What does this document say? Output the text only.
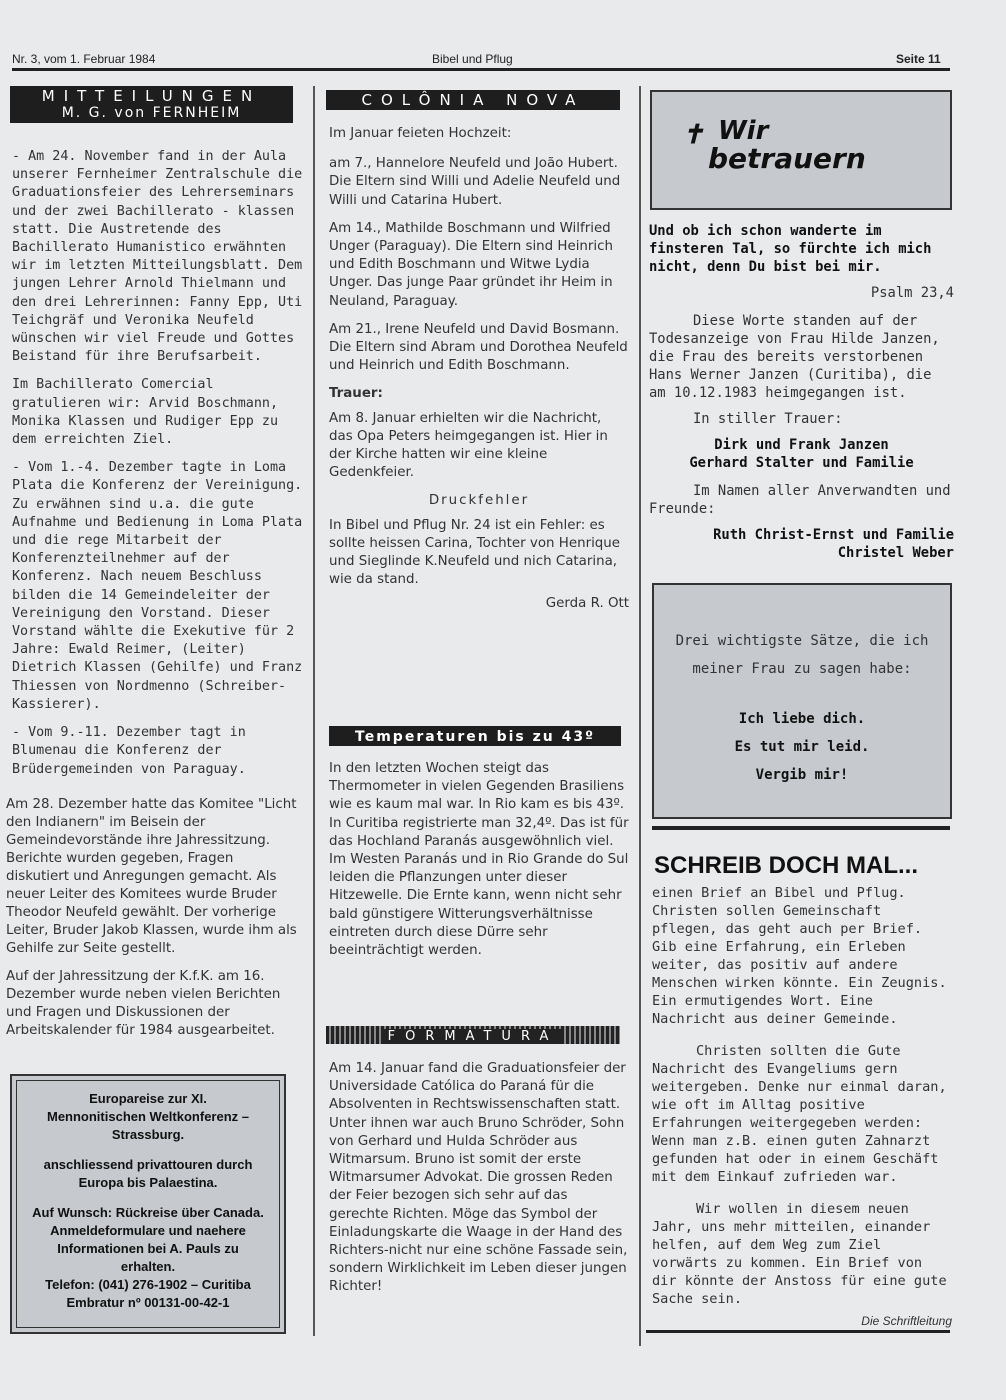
Nr. 3, vom 1. Februar 1984	Bibel und Pflug	Seite 11
MITTEILUNGEN
M. G. von FERNHEIM

- Am 24. November fand in der Aula unserer Fernheimer Zentralschule die Graduationsfeier des Lehrerseminars und der zwei Bachillerato - klassen statt. Die Austretende des Bachillerato Humanistico erwähnten wir im letzten Mitteilungsblatt. Dem jungen Lehrer Arnold Thielmann und den drei Lehrerinnen: Fanny Epp, Uti Teichgräf und Veronika Neufeld wünschen wir viel Freude und Gottes Beistand für ihre Berufsarbeit.

Im Bachillerato Comercial gratulieren wir: Arvid Boschmann, Monika Klassen und Rudiger Epp zu dem erreichten Ziel.

- Vom 1.-4. Dezember tagte in Loma Plata die Konferenz der Vereinigung. Zu erwähnen sind u.a. die gute Aufnahme und Bedienung in Loma Plata und die rege Mitarbeit der Konferenzteilnehmer auf der Konferenz. Nach neuem Beschluss bilden die 14 Gemeindeleiter der Vereinigung den Vorstand. Dieser Vorstand wählte die Exekutive für 2 Jahre: Ewald Reimer, (Leiter) Dietrich Klassen (Gehilfe) und Franz Thiessen von Nordmenno (Schreiber- Kassierer).

- Vom 9.-11. Dezember tagt in Blumenau die Konferenz der Brüdergemeinden von Paraguay.

Am 28. Dezember hatte das Komitee "Licht den Indianern" im Beisein der Gemeindevorstände ihre Jahressitzung. Berichte wurden gegeben, Fragen diskutiert und Anregungen gemacht. Als neuer Leiter des Komitees wurde Bruder Theodor Neufeld gewählt. Der vorherige Leiter, Bruder Jakob Klassen, wurde ihm als Gehilfe zur Seite gestellt.

Auf der Jahressitzung der K.f.K. am 16. Dezember wurde neben vielen Berichten und Fragen und Diskussionen der Arbeitskalender für 1984 ausgearbeitet.

Europareise zur XI.
Mennonitischen Weltkonferenz –
Strassburg.
anschliessend privattouren durch
Europa bis Palaestina.
Auf Wunsch: Rückreise über Canada.
Anmeldeformulare und naehere
Informationen bei A. Pauls zu
erhalten.
Telefon: (041) 276-1902 – Curitiba
Embratur nº 00131-00-42-1
COLÔNIA NOVA

Im Januar feieten Hochzeit:

am 7., Hannelore Neufeld und João Hubert. Die Eltern sind Willi und Adelie Neufeld und Willi und Catarina Hubert.

Am 14., Mathilde Boschmann und Wilfried Unger (Paraguay). Die Eltern sind Heinrich und Edith Boschmann und Witwe Lydia Unger. Das junge Paar gründet ihr Heim in Neuland, Paraguay.

Am 21., Irene Neufeld und David Bosmann. Die Eltern sind Abram und Dorothea Neufeld und Heinrich und Edith Boschmann.

Trauer:

Am 8. Januar erhielten wir die Nachricht, das Opa Peters heimgegangen ist. Hier in der Kirche hatten wir eine kleine Gedenkfeier.

Druckfehler

In Bibel und Pflug Nr. 24 ist ein Fehler: es sollte heissen Carina, Tochter von Henrique und Sieglinde K.Neufeld und nich Catarina, wie da stand.

Gerda R. Ott

Temperaturen bis zu 43º

In den letzten Wochen steigt das Thermometer in vielen Gegenden Brasiliens wie es kaum mal war. In Rio kam es bis 43º. In Curitiba registrierte man 32,4º. Das ist für das Hochland Paranás ausgewöhnlich viel. Im Westen Paranás und in Rio Grande do Sul leiden die Pflanzungen unter dieser Hitzewelle. Die Ernte kann, wenn nicht sehr bald günstigere Witterungsverhältnisse eintreten durch diese Dürre sehr beeinträchtigt werden.

FORMATURA

Am 14. Januar fand die Graduationsfeier der Universidade Católica do Paraná für die Absolventen in Rechtswissenschaften statt. Unter ihnen war auch Bruno Schröder, Sohn von Gerhard und Hulda Schröder aus Witmarsum. Bruno ist somit der erste Witmarsumer Advokat. Die grossen Reden der Feier bezogen sich sehr auf das gerechte Richten. Möge das Symbol der Einladungskarte die Waage in der Hand des Richters-nicht nur eine schöne Fassade sein, sondern Wirklichkeit im Leben dieser jungen Richter!

✝ Wir
betrauern

Und ob ich schon wanderte im finsteren Tal, so fürchte ich mich nicht, denn Du bist bei mir.

Psalm 23,4

Diese Worte standen auf der Todesanzeige von Frau Hilde Janzen, die Frau des bereits verstorbenen Hans Werner Janzen (Curitiba), die am 10.12.1983 heimgegangen ist.

In stiller Trauer:

Dirk und Frank Janzen

Gerhard Stalter und Familie

Im Namen aller Anverwandten und Freunde:

Ruth Christ-Ernst und Familie

Christel Weber

Drei wichtigste Sätze, die ich
meiner Frau zu sagen habe:
Ich liebe dich.
Es tut mir leid.
Vergib mir!
SCHREIB DOCH MAL...

einen Brief an Bibel und Pflug. Christen sollen Gemeinschaft pflegen, das geht auch per Brief. Gib eine Erfahrung, ein Erleben weiter, das positiv auf andere Menschen wirken könnte. Ein Zeugnis. Ein ermutigendes Wort. Eine Nachricht aus deiner Gemeinde.

Christen sollten die Gute Nachricht des Evangeliums gern weitergeben. Denke nur einmal daran, wie oft im Alltag positive Erfahrungen weitergegeben werden: Wenn man z.B. einen guten Zahnarzt gefunden hat oder in einem Geschäft mit dem Einkauf zufrieden war.

Wir wollen in diesem neuen Jahr, uns mehr mitteilen, einander helfen, auf dem Weg zum Ziel vorwärts zu kommen. Ein Brief von dir könnte der Anstoss für eine gute Sache sein.

Die Schriftleitung
